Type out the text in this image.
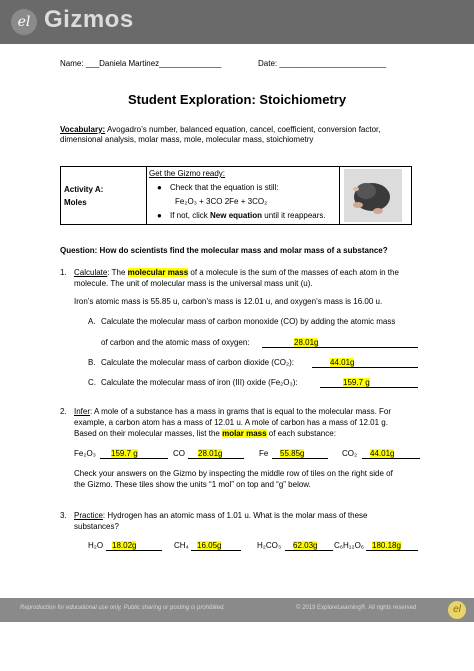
el Gizmos
Name: ___Daniela Martinez______________	Date: ________________________
Student Exploration: Stoichiometry
Vocabulary: Avogadro’s number, balanced equation, cancel, coefficient, conversion factor,
dimensional analysis, molar mass, mole, molecular mass, stoichiometry

Activity A:
Moles
Get the Gizmo ready:
● Check that the equation is still:
Fe₂O₃ + 3CO 2Fe + 3CO₂
● If not, click New equation until it reappears.
Question: How do scientists find the molecular mass and molar mass of a substance?
1. Calculate: The molecular mass of a molecule is the sum of the masses of each atom in the
molecule. The unit of molecular mass is the universal mass unit (u).
Iron’s atomic mass is 55.85 u, carbon’s mass is 12.01 u, and oxygen’s mass is 16.00 u.
A. Calculate the molecular mass of carbon monoxide (CO) by adding the atomic mass
of carbon and the atomic mass of oxygen:	28.01g
B. Calculate the molecular mass of carbon dioxide (CO₂):	44.01g
C. Calculate the molecular mass of iron (III) oxide (Fe₂O₃):	159.7 g
2. Infer: A mole of a substance has a mass in grams that is equal to the molecular mass. For
example, a carbon atom has a mass of 12.01 u. A mole of carbon has a mass of 12.01 g.
Based on their molecular masses, list the molar mass of each substance:
Fe₂O₃ 159.7 g	CO 28.01g	Fe 55.85g	CO₂ 44.01g
Check your answers on the Gizmo by inspecting the middle row of tiles on the right side of
the Gizmo. These tiles show the units “1 mol” on top and “g” below.
3. Practice: Hydrogen has an atomic mass of 1.01 u. What is the molar mass of these
substances?
H₂O 18.02g	CH₄ 16.05g	H₂CO₃ 62.03g C₆H₁₂O₆ 180.18g
Reproduction for educational use only. Public sharing or posting is prohibited.	© 2019 ExploreLearning®. All rights reserved	el
